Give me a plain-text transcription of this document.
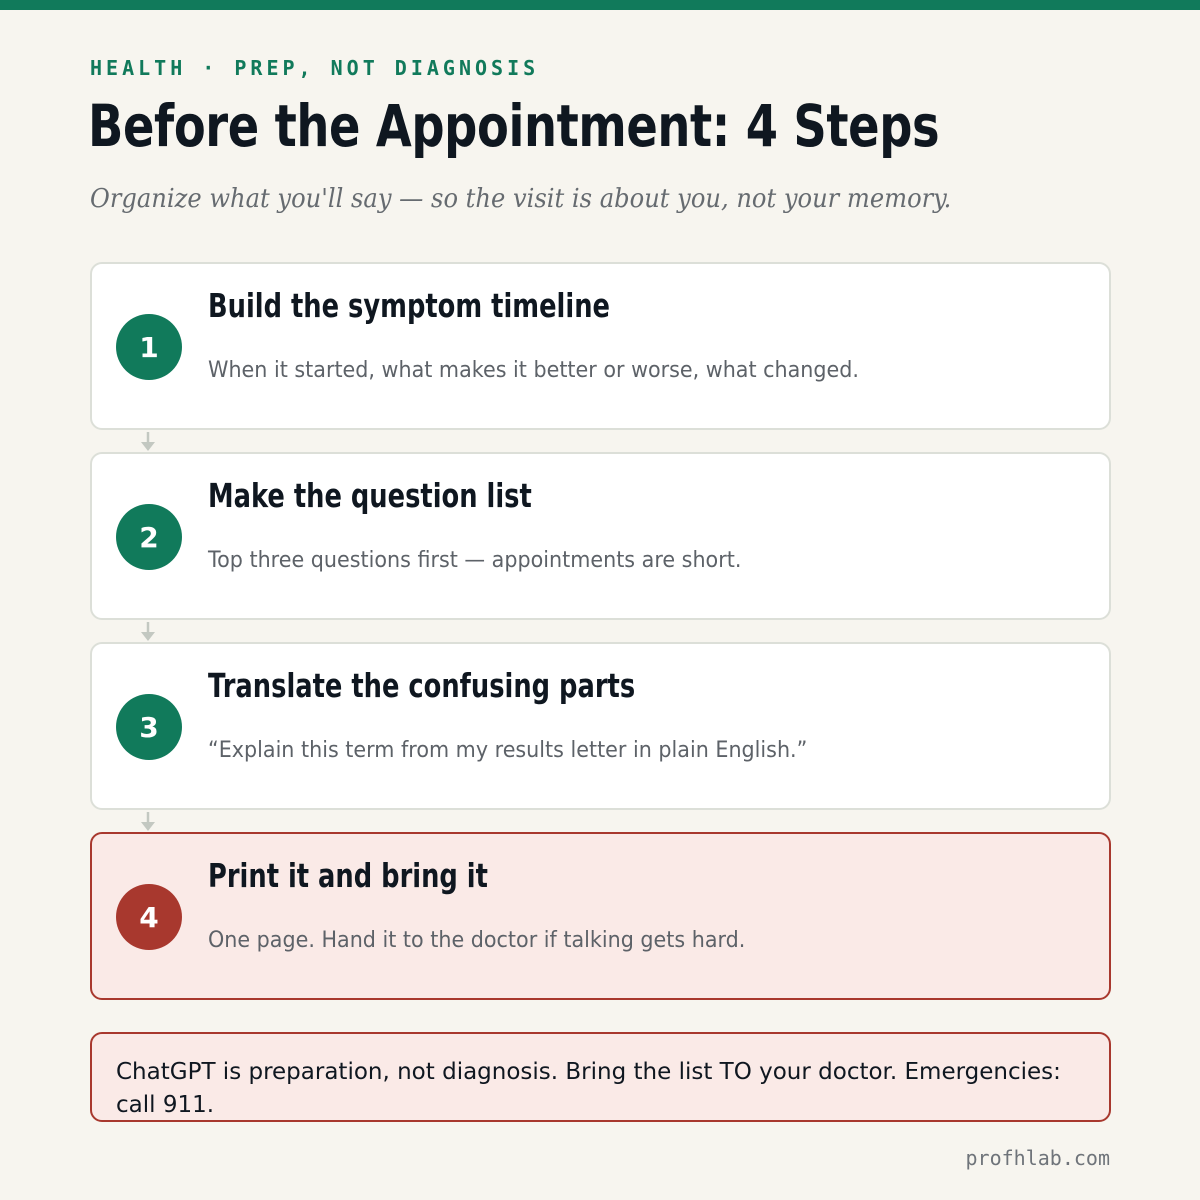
HEALTH · PREP, NOT DIAGNOSIS
Before the Appointment: 4 Steps
Organize what you'll say — so the visit is about you, not your memory.
1
Build the symptom timeline
When it started, what makes it better or worse, what changed.
2
Make the question list
Top three questions first — appointments are short.
3
Translate the confusing parts
“Explain this term from my results letter in plain English.”
4
Print it and bring it
One page. Hand it to the doctor if talking gets hard.

ChatGPT is preparation, not diagnosis. Bring the list TO your doctor. Emergencies: call 911.

profhlab.com
